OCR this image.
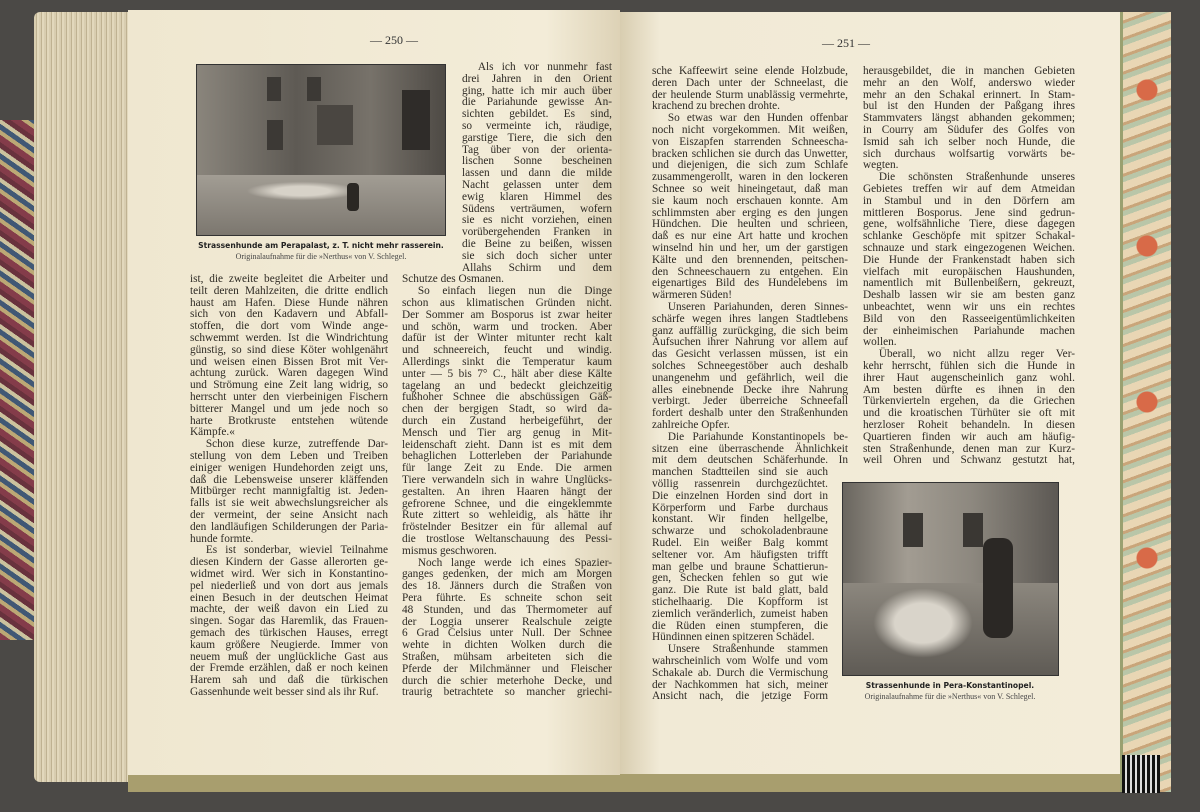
— 250 —	— 251 —
Strassenhunde am Perapalast, z. T. nicht mehr rasserein.
Originalaufnahme für die »Nerthus« von V. Schlegel.
Strassenhunde in Pera-Konstantinopel.
Originalaufnahme für die »Nerthus« von V. Schlegel.
ist, die zweite begleitet die Arbeiter und
teilt deren Mahlzeiten, die dritte endlich
haust am Hafen. Diese Hunde nähren
sich von den Kadavern und Abfall-
stoffen, die dort vom Winde ange-
schwemmt werden. Ist die Windrichtung
günstig, so sind diese Köter wohlgenährt
und weisen einen Bissen Brot mit Ver-
achtung zurück. Waren dagegen Wind
und Strömung eine Zeit lang widrig, so
herrscht unter den vierbeinigen Fischern
bitterer Mangel und um jede noch so
harte Brotkruste entstehen wütende
Kämpfe.«
Schon diese kurze, zutreffende Dar-
stellung von dem Leben und Treiben
einiger wenigen Hundehorden zeigt uns,
daß die Lebensweise unserer kläffenden
Mitbürger recht mannigfaltig ist. Jeden-
falls ist sie weit abwechslungsreicher als
der vermeint, der seine Ansicht nach
den landläufigen Schilderungen der Paria-
hunde formte.
Es ist sonderbar, wieviel Teilnahme
diesen Kindern der Gasse allerorten ge-
widmet wird. Wer sich in Konstantino-
pel niederließ und von dort aus jemals
einen Besuch in der deutschen Heimat
machte, der weiß davon ein Lied zu
singen. Sogar das Haremlik, das Frauen-
gemach des türkischen Hauses, erregt
kaum größere Neugierde. Immer von
neuem muß der unglückliche Gast aus
der Fremde erzählen, daß er noch keinen
Harem sah und daß die türkischen
Gassenhunde weit besser sind als ihr Ruf.
Als ich vor nunmehr fast
drei Jahren in den Orient
ging, hatte ich mir auch über
die Pariahunde gewisse An-
sichten gebildet. Es sind,
so vermeinte ich, räudige,
garstige Tiere, die sich den
Tag über von der orienta-
lischen Sonne bescheinen
lassen und dann die milde
Nacht gelassen unter dem
ewig klaren Himmel des
Südens verträumen, wofern
sie es nicht vorziehen, einen
vorübergehenden Franken in
die Beine zu beißen, wissen
sie sich doch sicher unter
Allahs Schirm und dem
Schutze des Osmanen.
So einfach liegen nun die Dinge
schon aus klimatischen Gründen nicht.
Der Sommer am Bosporus ist zwar heiter
und schön, warm und trocken. Aber
dafür ist der Winter mitunter recht kalt
und schneereich, feucht und windig.
Allerdings sinkt die Temperatur kaum
unter — 5 bis 7° C., hält aber diese Kälte
tagelang an und bedeckt gleichzeitig
fußhoher Schnee die abschüssigen Gäß-
chen der bergigen Stadt, so wird da-
durch ein Zustand herbeigeführt, der
Mensch und Tier arg genug in Mit-
leidenschaft zieht. Dann ist es mit dem
behaglichen Lotterleben der Pariahunde
für lange Zeit zu Ende. Die armen
Tiere verwandeln sich in wahre Unglücks-
gestalten. An ihren Haaren hängt der
gefrorene Schnee, und die eingeklemmte
Rute zittert so wehleidig, als hätte ihr
fröstelnder Besitzer ein für allemal auf
die trostlose Weltanschauung des Pessi-
mismus geschworen.
Noch lange werde ich eines Spazier-
ganges gedenken, der mich am Morgen
des 18. Jänners durch die Straßen von
Pera führte. Es schneite schon seit
48 Stunden, und das Thermometer auf
der Loggia unserer Realschule zeigte
6 Grad Celsius unter Null. Der Schnee
wehte in dichten Wolken durch die
Straßen, mühsam arbeiteten sich die
Pferde der Milchmänner und Fleischer
durch die schier meterhohe Decke, und
traurig betrachtete so mancher griechi-
sche Kaffeewirt seine elende Holzbude,
deren Dach unter der Schneelast, die
der heulende Sturm unablässig vermehrte,
krachend zu brechen drohte.
So etwas war den Hunden offenbar
noch nicht vorgekommen. Mit weißen,
von Eiszapfen starrenden Schneescha-
bracken schlichen sie durch das Unwetter,
und diejenigen, die sich zum Schlafe
zusammengerollt, waren in den lockeren
Schnee so weit hineingetaut, daß man
sie kaum noch erschauen konnte. Am
schlimmsten aber erging es den jungen
Hündchen. Die heulten und schrieen,
daß es nur eine Art hatte und krochen
winselnd hin und her, um der garstigen
Kälte und den brennenden, peitschen-
den Schneeschauern zu entgehen. Ein
eigenartiges Bild des Hundelebens im
wärmeren Süden!
Unseren Pariahunden, deren Sinnes-
schärfe wegen ihres langen Stadtlebens
ganz auffällig zurückging, die sich beim
Aufsuchen ihrer Nahrung vor allem auf
das Gesicht verlassen müssen, ist ein
solches Schneegestöber auch deshalb
unangenehm und gefährlich, weil die
alles einebnende Decke ihre Nahrung
verbirgt. Jeder überreiche Schneefall
fordert deshalb unter den Straßenhunden
zahlreiche Opfer.
Die Pariahunde Konstantinopels be-
sitzen eine überraschende Ähnlichkeit
mit dem deutschen Schäferhunde. In
manchen Stadtteilen sind sie auch
völlig rassenrein durchgezüchtet.
Die einzelnen Horden sind dort in
Körperform und Farbe durchaus
konstant. Wir finden hellgelbe,
schwarze und schokoladenbraune
Rudel. Ein weißer Balg kommt
seltener vor. Am häufigsten trifft
man gelbe und braune Schattierun-
gen, Schecken fehlen so gut wie
ganz. Die Rute ist bald glatt, bald
stichelhaarig. Die Kopfform ist
ziemlich veränderlich, zumeist haben
die Rüden einen stumpferen, die
Hündinnen einen spitzeren Schädel.
Unsere Straßenhunde stammen
wahrscheinlich vom Wolfe und vom
Schakale ab. Durch die Vermischung
der Nachkommen hat sich, meiner
Ansicht nach, die jetzige Form
herausgebildet, die in manchen Gebieten
mehr an den Wolf, anderswo wieder
mehr an den Schakal erinnert. In Stam-
bul ist den Hunden der Paßgang ihres
Stammvaters längst abhanden gekommen;
in Courry am Südufer des Golfes von
Ismid sah ich selber noch Hunde, die
sich durchaus wolfsartig vorwärts be-
wegten.
Die schönsten Straßenhunde unseres
Gebietes treffen wir auf dem Atmeidan
in Stambul und in den Dörfern am
mittleren Bosporus. Jene sind gedrun-
gene, wolfsähnliche Tiere, diese dagegen
schlanke Geschöpfe mit spitzer Schakal-
schnauze und stark eingezogenen Weichen.
Die Hunde der Frankenstadt haben sich
vielfach mit europäischen Haushunden,
namentlich mit Bullenbeißern, gekreuzt,
Deshalb lassen wir sie am besten ganz
unbeachtet, wenn wir uns ein rechtes
Bild von den Rasseeigentümlichkeiten
der einheimischen Pariahunde machen
wollen.
Überall, wo nicht allzu reger Ver-
kehr herrscht, fühlen sich die Hunde in
ihrer Haut augenscheinlich ganz wohl.
Am besten dürfte es ihnen in den
Türkenvierteln ergehen, da die Griechen
und die kroatischen Türhüter sie oft mit
herzloser Roheit behandeln. In diesen
Quartieren finden wir auch am häufig-
sten Straßenhunde, denen man zur Kurz-
weil Ohren und Schwanz gestutzt hat,
